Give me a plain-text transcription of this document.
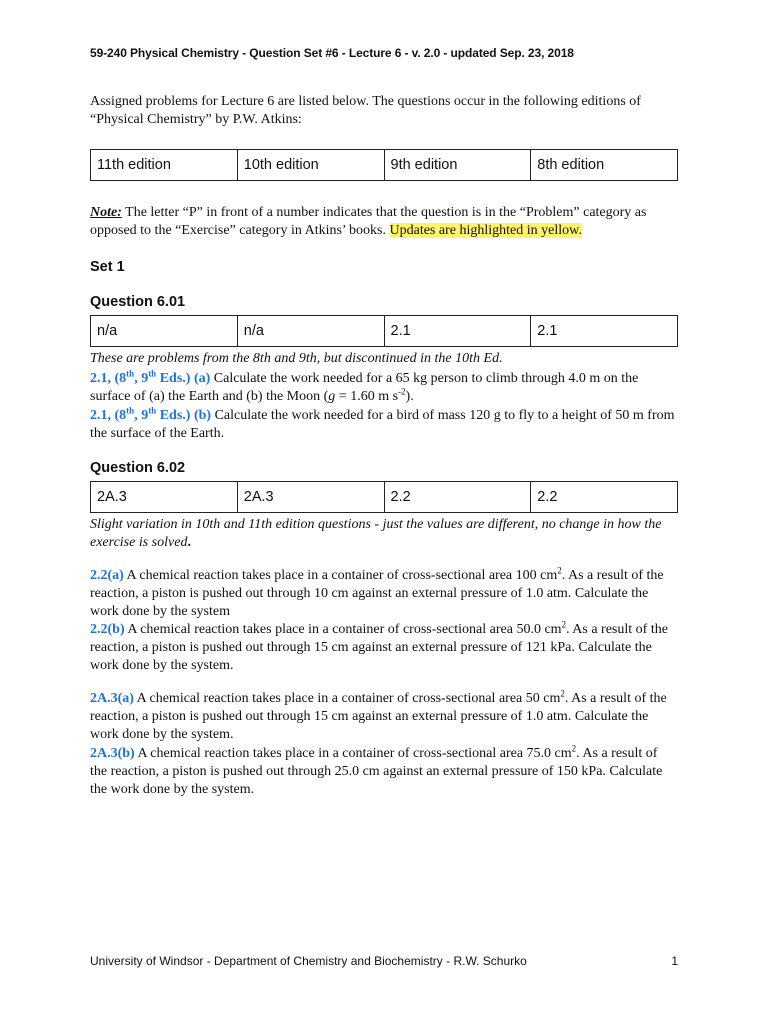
59-240 Physical Chemistry - Question Set #6 - Lecture 6 - v. 2.0 - updated Sep. 23, 2018
Assigned problems for Lecture 6 are listed below. The questions occur in the following editions of “Physical Chemistry” by P.W. Atkins:
11th edition	10th edition	9th edition	8th edition
Note: The letter “P” in front of a number indicates that the question is in the “Problem” category as opposed to the “Exercise” category in Atkins’ books. Updates are highlighted in yellow.
Set 1
Question 6.01
n/a	n/a	2.1	2.1
These are problems from the 8th and 9th, but discontinued in the 10th Ed.
2.1, (8th, 9th Eds.) (a) Calculate the work needed for a 65 kg person to climb through 4.0 m on the surface of (a) the Earth and (b) the Moon (g = 1.60 m $s^{-2}$).
2.1, (8th, 9th Eds.) (b) Calculate the work needed for a bird of mass 120 g to fly to a height of 50 m from the surface of the Earth.
Question 6.02
2A.3	2A.3	2.2	2.2
Slight variation in 10th and 11th edition questions - just the values are different, no change in how the exercise is solved.
2.2(a) A chemical reaction takes place in a container of cross-sectional area 100 $cm^2$. As a result of the reaction, a piston is pushed out through 10 cm against an external pressure of 1.0 atm. Calculate the work done by the system
2.2(b) A chemical reaction takes place in a container of cross-sectional area 50.0 $cm^2$. As a result of the reaction, a piston is pushed out through 15 cm against an external pressure of 121 kPa. Calculate the work done by the system.
2A.3(a) A chemical reaction takes place in a container of cross-sectional area 50 $cm^2$. As a result of the reaction, a piston is pushed out through 15 cm against an external pressure of 1.0 atm. Calculate the work done by the system.
2A.3(b) A chemical reaction takes place in a container of cross-sectional area 75.0 $cm^2$. As a result of the reaction, a piston is pushed out through 25.0 cm against an external pressure of 150 kPa. Calculate the work done by the system.
University of Windsor - Department of Chemistry and Biochemistry - R.W. Schurko	1
